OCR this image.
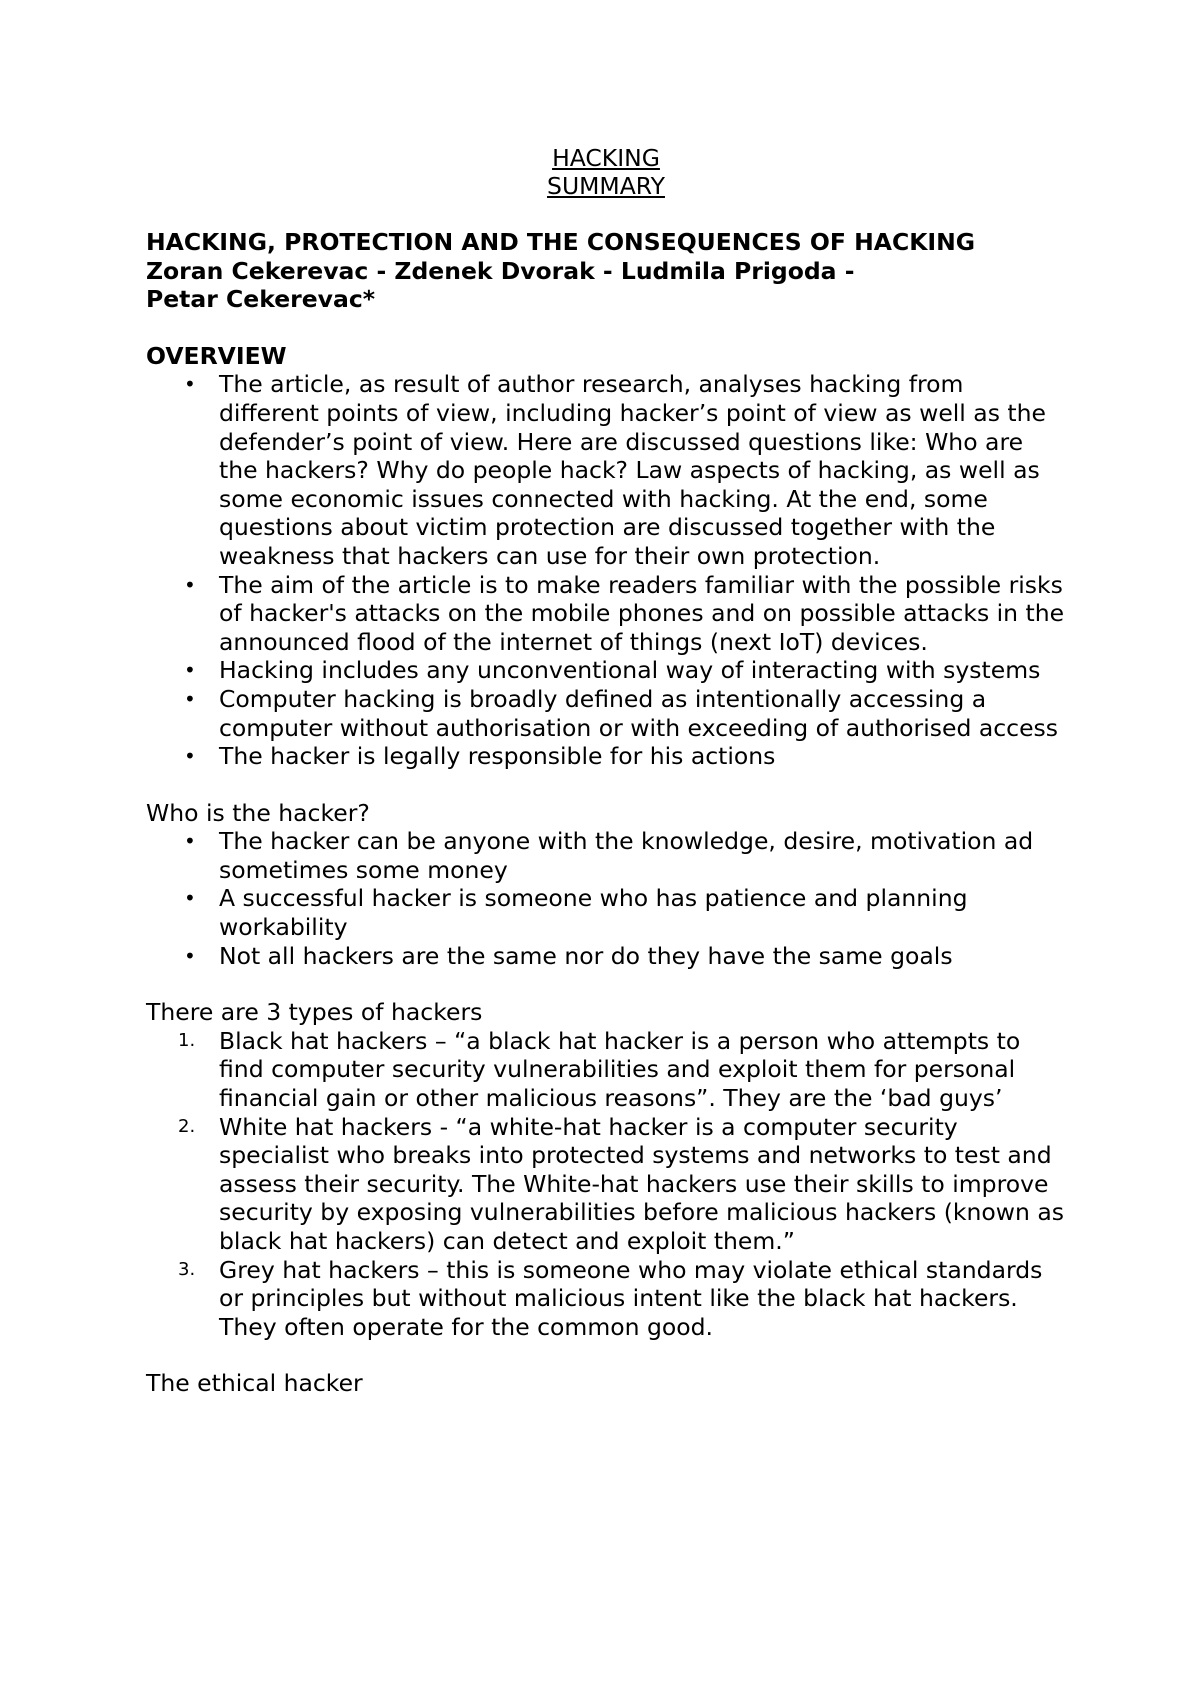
HACKING
SUMMARY
HACKING, PROTECTION AND THE CONSEQUENCES OF HACKING
Zoran Cekerevac - Zdenek Dvorak - Ludmila Prigoda - Petar Cekerevac*
OVERVIEW
• The article, as result of author research, analyses hacking from different points of view, including hacker’s point of view as well as the defender’s point of view. Here are discussed questions like: Who are the hackers? Why do people hack? Law aspects of hacking, as well as some economic issues connected with hacking. At the end, some questions about victim protection are discussed together with the weakness that hackers can use for their own protection.
• The aim of the article is to make readers familiar with the possible risks of hacker's attacks on the mobile phones and on possible attacks in the announced flood of the internet of things (next IoT) devices.
• Hacking includes any unconventional way of interacting with systems
• Computer hacking is broadly defined as intentionally accessing a computer without authorisation or with exceeding of authorised access
• The hacker is legally responsible for his actions
Who is the hacker?
• The hacker can be anyone with the knowledge, desire, motivation ad sometimes some money
• A successful hacker is someone who has patience and planning workability
• Not all hackers are the same nor do they have the same goals
There are 3 types of hackers
1. Black hat hackers – “a black hat hacker is a person who attempts to find computer security vulnerabilities and exploit them for personal financial gain or other malicious reasons”. They are the ‘bad guys’
2. White hat hackers - “a white-hat hacker is a computer security specialist who breaks into protected systems and networks to test and assess their security. The White-hat hackers use their skills to improve security by exposing vulnerabilities before malicious hackers (known as black hat hackers) can detect and exploit them.”
3. Grey hat hackers – this is someone who may violate ethical standards or principles but without malicious intent like the black hat hackers. They often operate for the common good.
The ethical hacker
